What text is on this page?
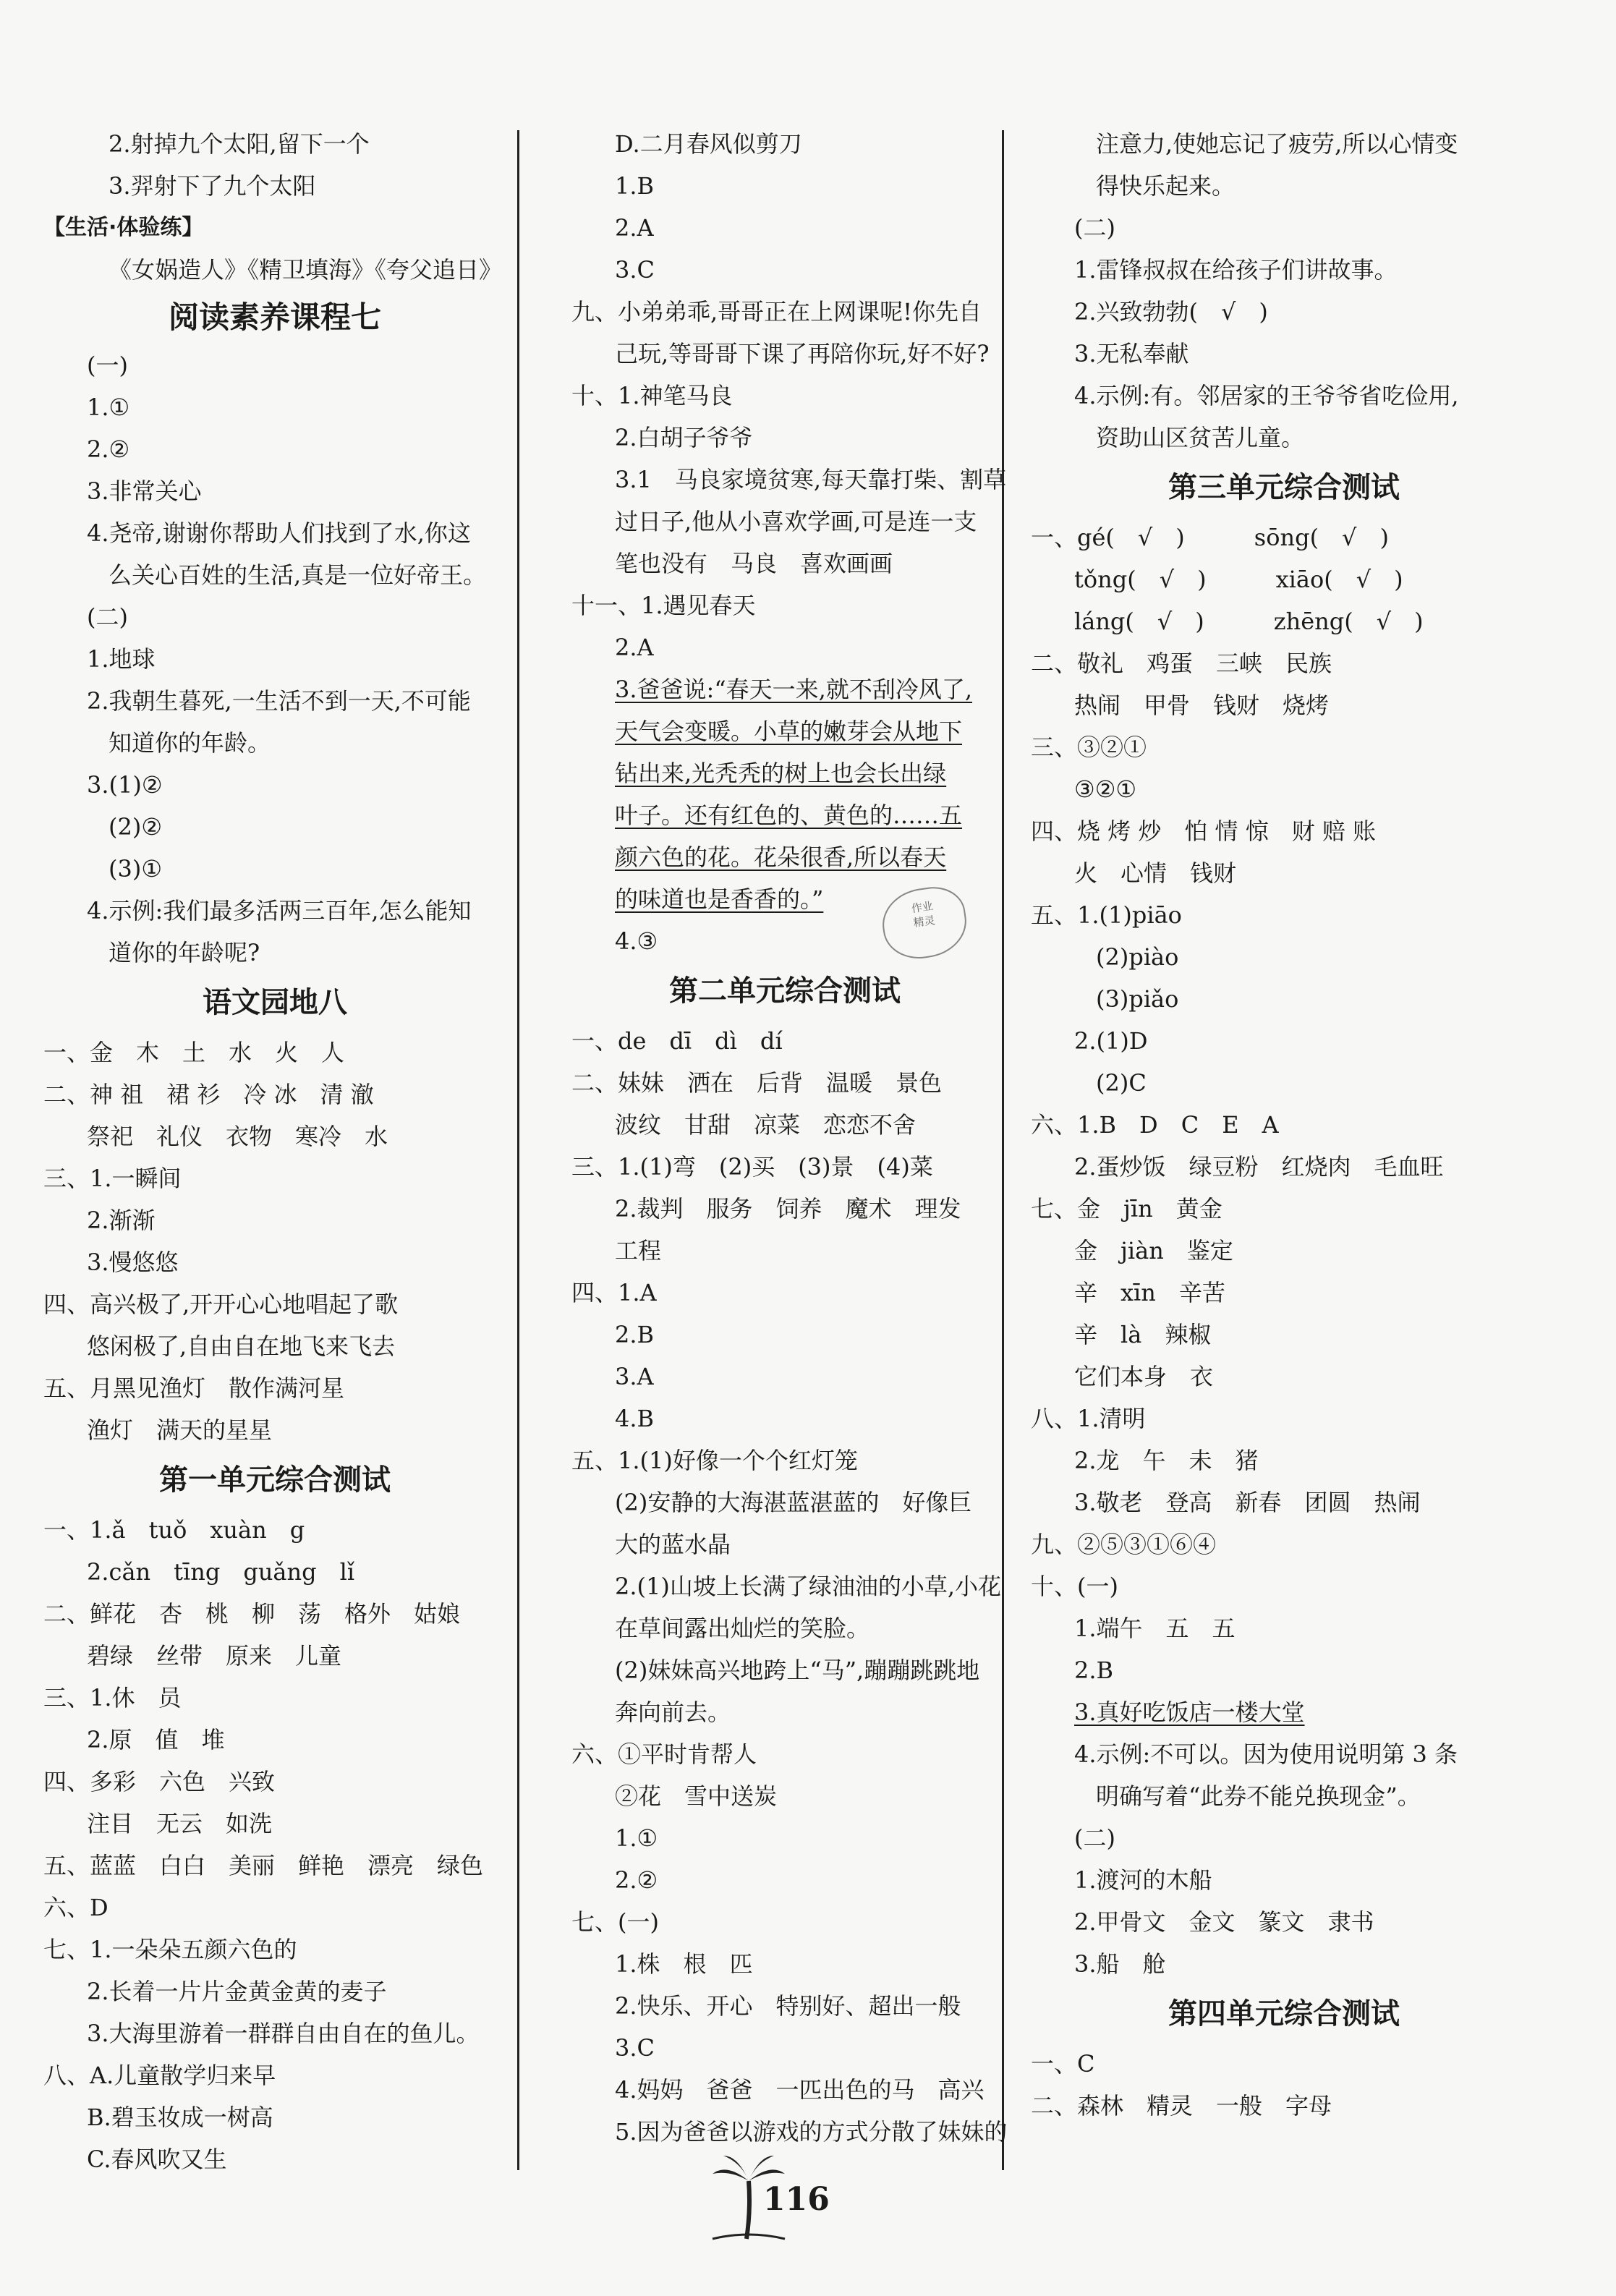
2.射掉九个太阳,留下一个
3.羿射下了九个太阳
【生活·体验练】
《女娲造人》《精卫填海》《夸父追日》
阅读素养课程七
(一)
1.①
2.②
3.非常关心
4.尧帝,谢谢你帮助人们找到了水,你这
么关心百姓的生活,真是一位好帝王。
(二)
1.地球
2.我朝生暮死,一生活不到一天,不可能
知道你的年龄。
3.(1)②
(2)②
(3)①
4.示例:我们最多活两三百年,怎么能知
道你的年龄呢?
语文园地八
一、金　木　土　水　火　人
二、神 祖　裙 衫　冷 冰　清 澈
祭祀　礼仪　衣物　寒冷　水
三、1.一瞬间
2.渐渐
3.慢悠悠
四、高兴极了,开开心心地唱起了歌
悠闲极了,自由自在地飞来飞去
五、月黑见渔灯　散作满河星
渔灯　满天的星星
第一单元综合测试
一、1.ǎ　tuǒ　xuàn　g
2.cǎn　tīng　guǎng　lǐ
二、鲜花　杏　桃　柳　荡　格外　姑娘
碧绿　丝带　原来　儿童
三、1.休　员
2.原　值　堆
四、多彩　六色　兴致
注目　无云　如洗
五、蓝蓝　白白　美丽　鲜艳　漂亮　绿色
六、D
七、1.一朵朵五颜六色的
2.长着一片片金黄金黄的麦子
3.大海里游着一群群自由自在的鱼儿。
八、A.儿童散学归来早
B.碧玉妆成一树高
C.春风吹又生
D.二月春风似剪刀
1.B
2.A
3.C
九、小弟弟乖,哥哥正在上网课呢!你先自
己玩,等哥哥下课了再陪你玩,好不好?
十、1.神笔马良
2.白胡子爷爷
3.1　马良家境贫寒,每天靠打柴、割草
过日子,他从小喜欢学画,可是连一支
笔也没有　马良　喜欢画画
十一、1.遇见春天
2.A
3.爸爸说:“春天一来,就不刮冷风了,
天气会变暖。小草的嫩芽会从地下
钻出来,光秃秃的树上也会长出绿
叶子。还有红色的、黄色的……五
颜六色的花。花朵很香,所以春天
的味道也是香香的。”
4.③
第二单元综合测试
一、de　dī　dì　dí
二、妹妹　洒在　后背　温暖　景色
波纹　甘甜　凉菜　恋恋不舍
三、1.(1)弯　(2)买　(3)景　(4)菜
2.裁判　服务　饲养　魔术　理发
工程
四、1.A
2.B
3.A
4.B
五、1.(1)好像一个个红灯笼
(2)安静的大海湛蓝湛蓝的　好像巨
大的蓝水晶
2.(1)山坡上长满了绿油油的小草,小花
在草间露出灿烂的笑脸。
(2)妹妹高兴地跨上“马”,蹦蹦跳跳地
奔向前去。
六、①平时肯帮人
②花　雪中送炭
1.①
2.②
七、(一)
1.株　根　匹
2.快乐、开心　特别好、超出一般
3.C
4.妈妈　爸爸　一匹出色的马　高兴
5.因为爸爸以游戏的方式分散了妹妹的
注意力,使她忘记了疲劳,所以心情变
得快乐起来。
(二)
1.雷锋叔叔在给孩子们讲故事。
2.兴致勃勃(　√　)
3.无私奉献
4.示例:有。邻居家的王爷爷省吃俭用,
资助山区贫苦儿童。
第三单元综合测试
一、gé(　√　)　　　sōng(　√　)
tǒng(　√　)　　　xiāo(　√　)
láng(　√　)　　　zhēng(　√　)
二、敬礼　鸡蛋　三峡　民族
热闹　甲骨　钱财　烧烤
三、③②①
③②①
四、烧 烤 炒　怕 情 惊　财 赔 账
火　心情　钱财
五、1.(1)piāo
(2)piào
(3)piǎo
2.(1)D
(2)C
六、1.B　D　C　E　A
2.蛋炒饭　绿豆粉　红烧肉　毛血旺
七、金　jīn　黄金
金　jiàn　鉴定
辛　xīn　辛苦
辛　là　辣椒
它们本身　衣
八、1.清明
2.龙　午　未　猪
3.敬老　登高　新春　团圆　热闹
九、②⑤③①⑥④
十、(一)
1.端午　五　五
2.B
3.真好吃饭店一楼大堂
4.示例:不可以。因为使用说明第 3 条
明确写着“此券不能兑换现金”。
(二)
1.渡河的木船
2.甲骨文　金文　篆文　隶书
3.船　舱
第四单元综合测试
一、C
二、森林　精灵　一般　字母
作业
精灵
116
